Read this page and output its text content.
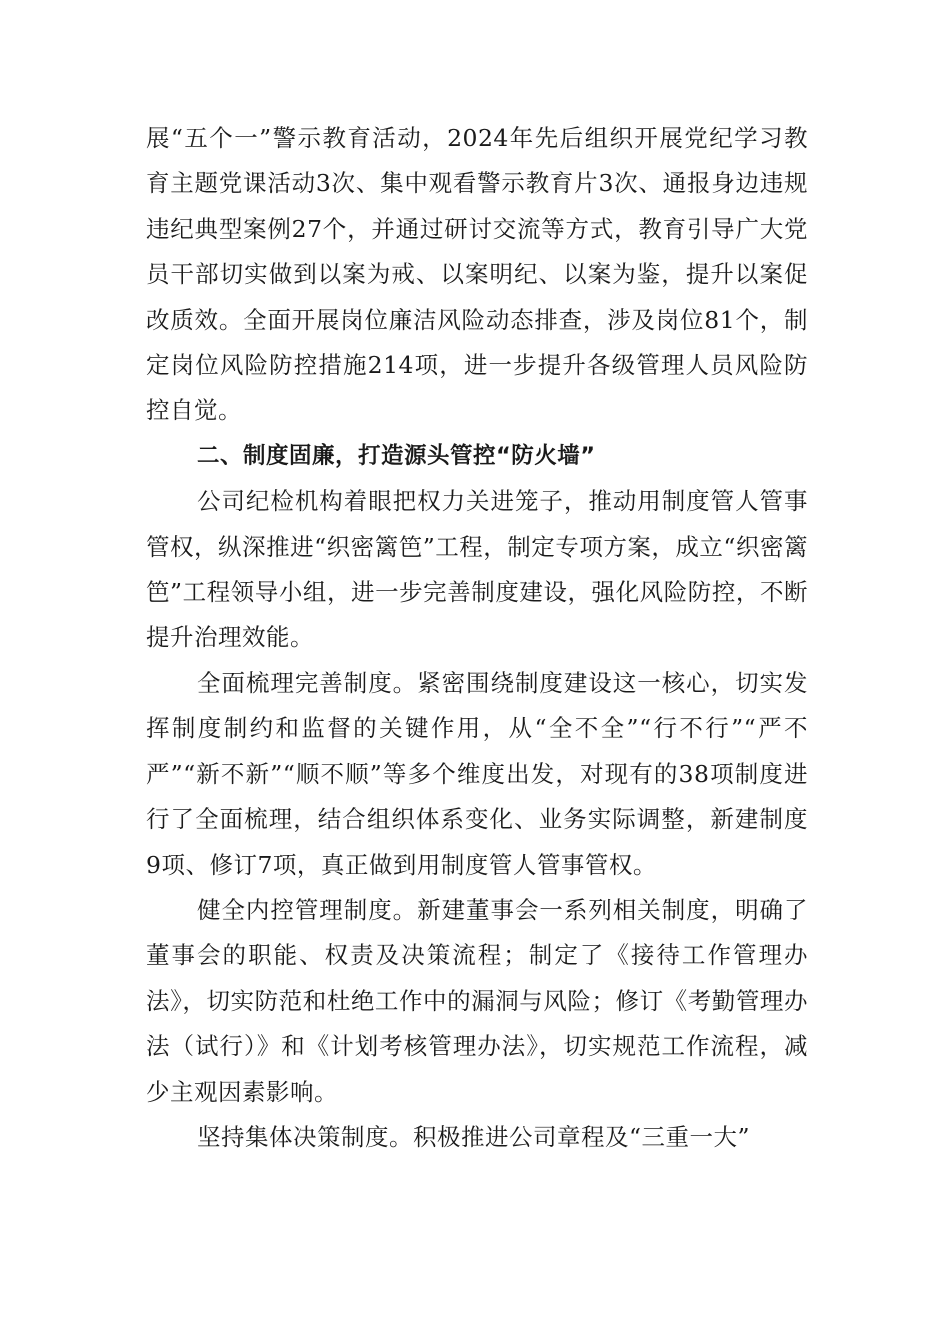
展“五个一”警示教育活动，2024年先后组织开展党纪学习教育主题党课活动3次、集中观看警示教育片3次、通报身边违规违纪典型案例27个，并通过研讨交流等方式，教育引导广大党员干部切实做到以案为戒、以案明纪、以案为鉴，提升以案促改质效。全面开展岗位廉洁风险动态排查，涉及岗位81个，制定岗位风险防控措施214项，进一步提升各级管理人员风险防控自觉。

二、制度固廉，打造源头管控“防火墙”

公司纪检机构着眼把权力关进笼子，推动用制度管人管事管权，纵深推进“织密篱笆”工程，制定专项方案，成立“织密篱笆”工程领导小组，进一步完善制度建设，强化风险防控，不断提升治理效能。

全面梳理完善制度。紧密围绕制度建设这一核心，切实发挥制度制约和监督的关键作用，从“全不全”“行不行”“严不严”“新不新”“顺不顺”等多个维度出发，对现有的38项制度进行了全面梳理，结合组织体系变化、业务实际调整，新建制度9项、修订7项，真正做到用制度管人管事管权。

健全内控管理制度。新建董事会一系列相关制度，明确了董事会的职能、权责及决策流程；制定了《接待工作管理办法》，切实防范和杜绝工作中的漏洞与风险；修订《考勤管理办法（试行）》和《计划考核管理办法》，切实规范工作流程，减少主观因素影响。

坚持集体决策制度。积极推进公司章程及“三重一大”
